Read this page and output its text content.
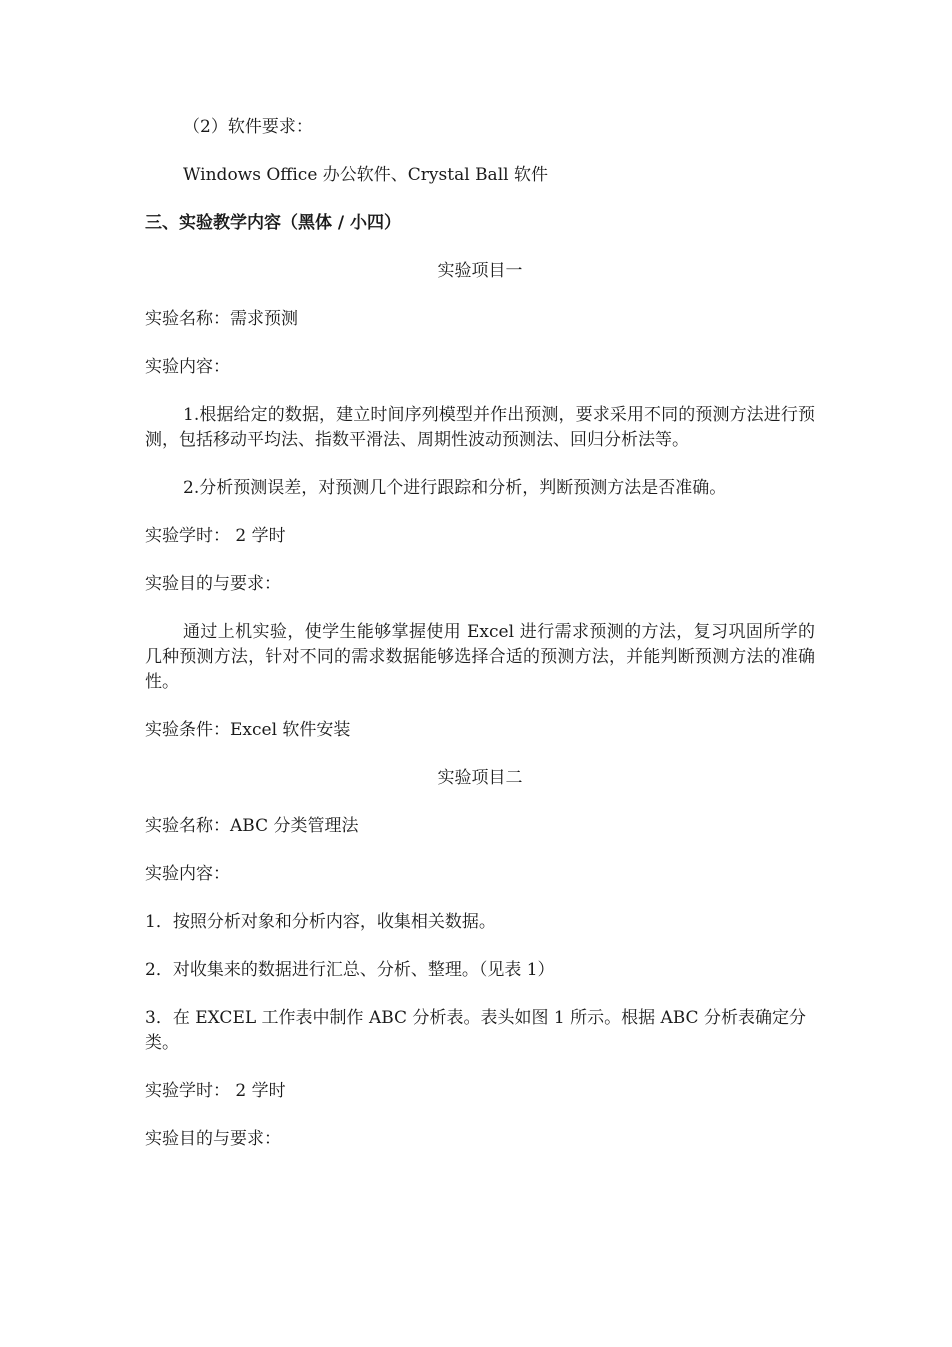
（2）软件要求：
Windows Office 办公软件、Crystal Ball 软件
三、实验教学内容（黑体 / 小四）
实验项目一
实验名称：需求预测
实验内容：
1.根据给定的数据，建立时间序列模型并作出预测，要求采用不同的预测方法进行预测，包括移动平均法、指数平滑法、周期性波动预测法、回归分析法等。
2.分析预测误差，对预测几个进行跟踪和分析，判断预测方法是否准确。
实验学时： 2 学时
实验目的与要求：
通过上机实验，使学生能够掌握使用 Excel 进行需求预测的方法，复习巩固所学的几种预测方法，针对不同的需求数据能够选择合适的预测方法，并能判断预测方法的准确性。
实验条件：Excel 软件安装
实验项目二
实验名称：ABC 分类管理法
实验内容：
1．按照分析对象和分析内容，收集相关数据。
2．对收集来的数据进行汇总、分析、整理。（见表 1）
3．在 EXCEL 工作表中制作 ABC 分析表。表头如图 1 所示。根据 ABC 分析表确定分类。
实验学时： 2 学时
实验目的与要求：
